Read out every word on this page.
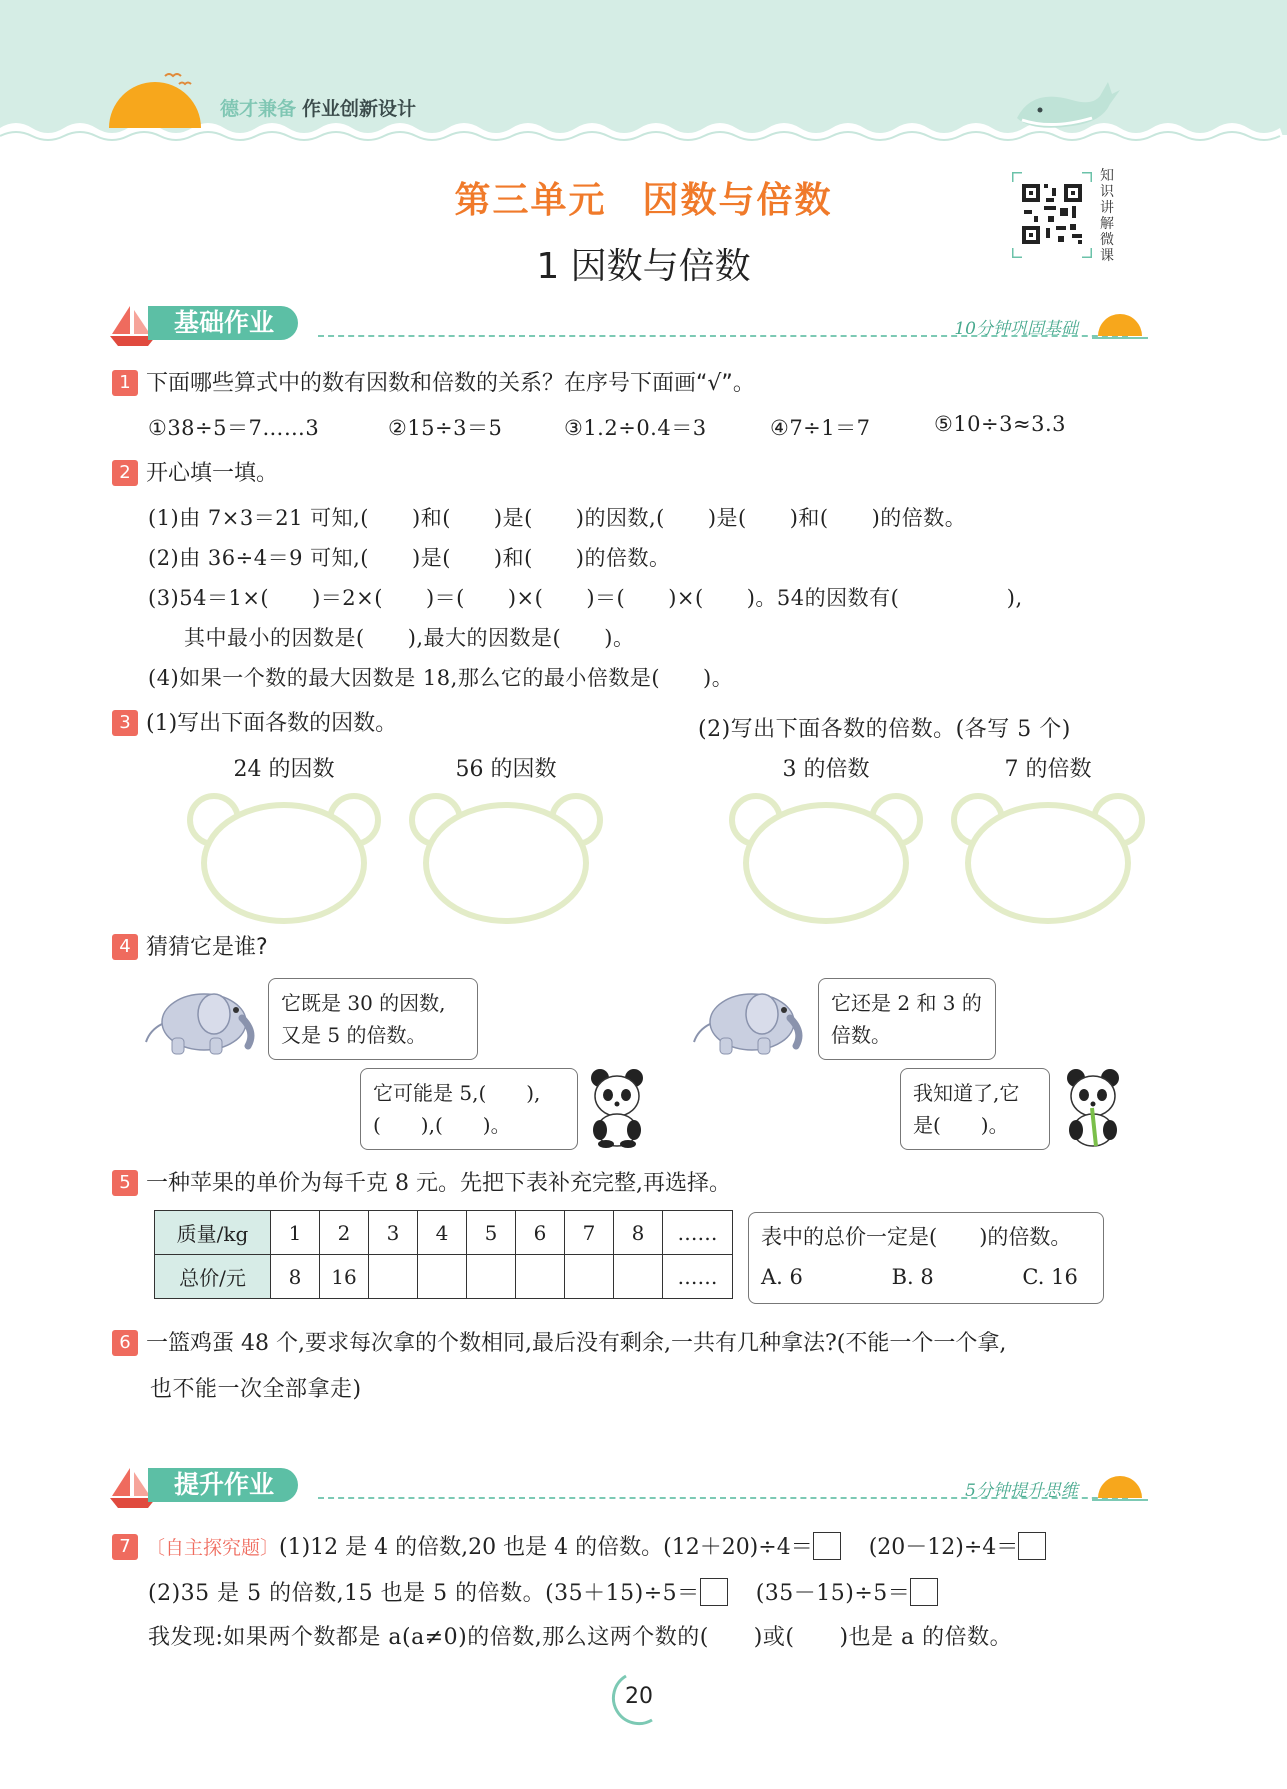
德才兼备 作业创新设计
第三单元 因数与倍数
1 因数与倍数
知识讲解微课
基础作业	10分钟巩固基础
1 下面哪些算式中的数有因数和倍数的关系？在序号下面画“√”。
①38÷5＝7……3	②15÷3＝5	③1.2÷0.4＝3	④7÷1＝7	⑤10÷3≈3.3
2 开心填一填。
(1)由 7×3＝21 可知,(　　)和(　　)是(　　)的因数,(　　)是(　　)和(　　)的倍数。
(2)由 36÷4＝9 可知,(　　)是(　　)和(　　)的倍数。
(3)54＝1×(　　)＝2×(　　)＝(　　)×(　　)＝(　　)×(　　)。54的因数有(　　　　　),
其中最小的因数是(　　),最大的因数是(　　)。
(4)如果一个数的最大因数是 18,那么它的最小倍数是(　　)。
3 (1)写出下面各数的因数。	(2)写出下面各数的倍数。(各写 5 个)
24 的因数	56 的因数	3 的倍数	7 的倍数
4 猜猜它是谁?
它既是 30 的因数,
又是 5 的倍数。
它可能是 5,(　　),
(　　),(　　)。
它还是 2 和 3 的
倍数。
我知道了,它
是(　　)。
5 一种苹果的单价为每千克 8 元。先把下表补充完整,再选择。
质量/kg	1	2	3	4	5	6	7	8	……
总价/元	8	16							……
表中的总价一定是(　　)的倍数。
A. 6	B. 8	C. 16
6 一篮鸡蛋 48 个,要求每次拿的个数相同,最后没有剩余,一共有几种拿法?(不能一个一个拿,
也不能一次全部拿走)
提升作业	5分钟提升思维
7 〔自主探究题〕(1)12 是 4 的倍数,20 也是 4 的倍数。(12＋20)÷4＝	(20－12)÷4＝
(2)35 是 5 的倍数,15 也是 5 的倍数。(35＋15)÷5＝	(35－15)÷5＝
我发现:如果两个数都是 a(a≠0)的倍数,那么这两个数的(　　)或(　　)也是 a 的倍数。
20
